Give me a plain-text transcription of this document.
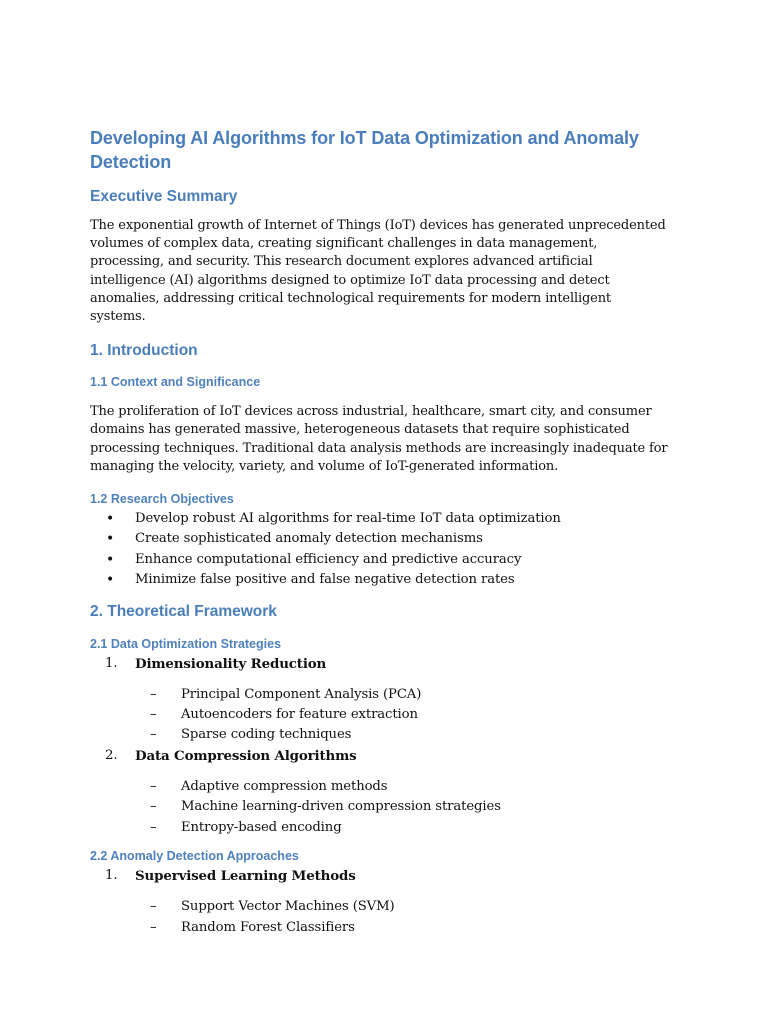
Developing AI Algorithms for IoT Data Optimization and Anomaly Detection
Executive Summary

The exponential growth of Internet of Things (IoT) devices has generated unprecedented volumes of complex data, creating significant challenges in data management, processing, and security. This research document explores advanced artificial intelligence (AI) algorithms designed to optimize IoT data processing and detect anomalies, addressing critical technological requirements for modern intelligent systems.

1. Introduction
1.1 Context and Significance

The proliferation of IoT devices across industrial, healthcare, smart city, and consumer domains has generated massive, heterogeneous datasets that require sophisticated processing techniques. Traditional data analysis methods are increasingly inadequate for managing the velocity, variety, and volume of IoT-generated information.

1.2 Research Objectives
• Develop robust AI algorithms for real-time IoT data optimization
• Create sophisticated anomaly detection mechanisms
• Enhance computational efficiency and predictive accuracy
• Minimize false positive and false negative detection rates
2. Theoretical Framework
2.1 Data Optimization Strategies
1. Dimensionality Reduction
– Principal Component Analysis (PCA)
– Autoencoders for feature extraction
– Sparse coding techniques
2. Data Compression Algorithms
– Adaptive compression methods
– Machine learning-driven compression strategies
– Entropy-based encoding
2.2 Anomaly Detection Approaches
1. Supervised Learning Methods
– Support Vector Machines (SVM)
– Random Forest Classifiers
